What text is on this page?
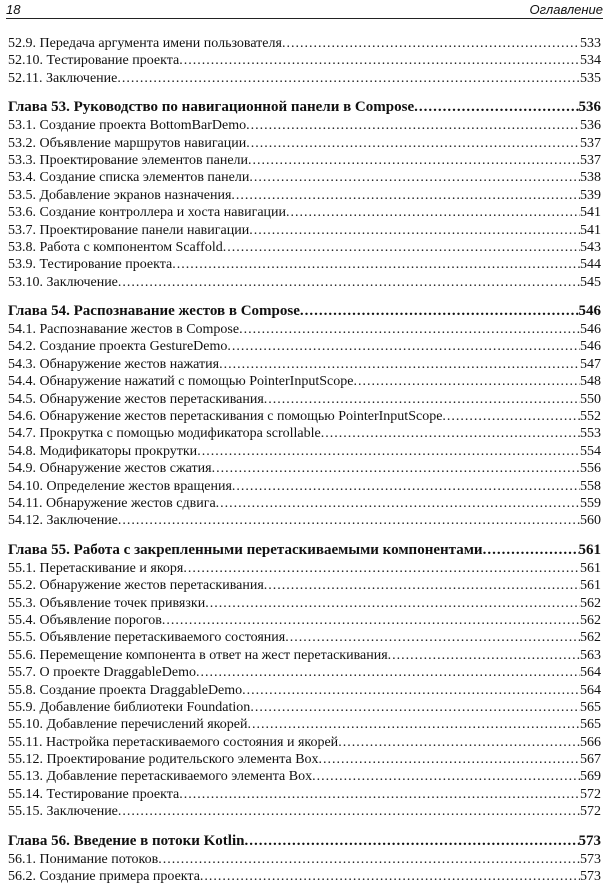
18	Оглавление
52.9. Передача аргумента имени пользователя .....	533
52.10. Тестирование проекта .....	534
52.11. Заключение .....	535
Глава 53. Руководство по навигационной панели в Compose .....	536
53.1. Создание проекта BottomBarDemo .....	536
53.2. Объявление маршрутов навигации .....	537
53.3. Проектирование элементов панели .....	537
53.4. Создание списка элементов панели .....	538
53.5. Добавление экранов назначения .....	539
53.6. Создание контроллера и хоста навигации .....	541
53.7. Проектирование панели навигации .....	541
53.8. Работа с компонентом Scaffold .....	543
53.9. Тестирование проекта .....	544
53.10. Заключение .....	545
Глава 54. Распознавание жестов в Compose .....	546
54.1. Распознавание жестов в Compose .....	546
54.2. Создание проекта GestureDemo .....	546
54.3. Обнаружение жестов нажатия .....	547
54.4. Обнаружение нажатий с помощью PointerInputScope .....	548
54.5. Обнаружение жестов перетаскивания .....	550
54.6. Обнаружение жестов перетаскивания с помощью PointerInputScope .....	552
54.7. Прокрутка с помощью модификатора scrollable .....	553
54.8. Модификаторы прокрутки .....	554
54.9. Обнаружение жестов сжатия .....	556
54.10. Определение жестов вращения .....	558
54.11. Обнаружение жестов сдвига .....	559
54.12. Заключение .....	560
Глава 55. Работа с закрепленными перетаскиваемыми компонентами .....	561
55.1. Перетаскивание и якоря .....	561
55.2. Обнаружение жестов перетаскивания .....	561
55.3. Объявление точек привязки .....	562
55.4. Объявление порогов .....	562
55.5. Объявление перетаскиваемого состояния .....	562
55.6. Перемещение компонента в ответ на жест перетаскивания .....	563
55.7. О проекте DraggableDemo .....	564
55.8. Создание проекта DraggableDemo .....	564
55.9. Добавление библиотеки Foundation .....	565
55.10. Добавление перечислений якорей .....	565
55.11. Настройка перетаскиваемого состояния и якорей .....	566
55.12. Проектирование родительского элемента Box .....	567
55.13. Добавление перетаскиваемого элемента Box .....	569
55.14. Тестирование проекта .....	572
55.15. Заключение .....	572
Глава 56. Введение в потоки Kotlin .....	573
56.1. Понимание потоков .....	573
56.2. Создание примера проекта .....	573
